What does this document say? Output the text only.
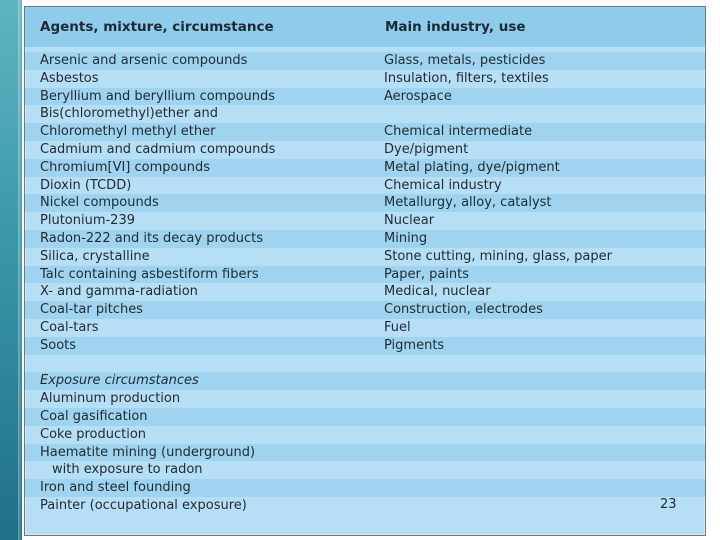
Agents, mixture, circumstance	Main industry, use
Arsenic and arsenic compounds	Glass, metals, pesticides
Asbestos	Insulation, filters, textiles
Beryllium and beryllium compounds	Aerospace
Bis(chloromethyl)ether and
Chloromethyl methyl ether	Chemical intermediate
Cadmium and cadmium compounds	Dye/pigment
Chromium[VI] compounds	Metal plating, dye/pigment
Dioxin (TCDD)	Chemical industry
Nickel compounds	Metallurgy, alloy, catalyst
Plutonium-239	Nuclear
Radon-222 and its decay products	Mining
Silica, crystalline	Stone cutting, mining, glass, paper
Talc containing asbestiform fibers	Paper, paints
X- and gamma-radiation	Medical, nuclear
Coal-tar pitches	Construction, electrodes
Coal-tars	Fuel
Soots	Pigments
Exposure circumstances
Aluminum production
Coal gasification
Coke production
Haematite mining (underground)
with exposure to radon
Iron and steel founding
Painter (occupational exposure)	23
